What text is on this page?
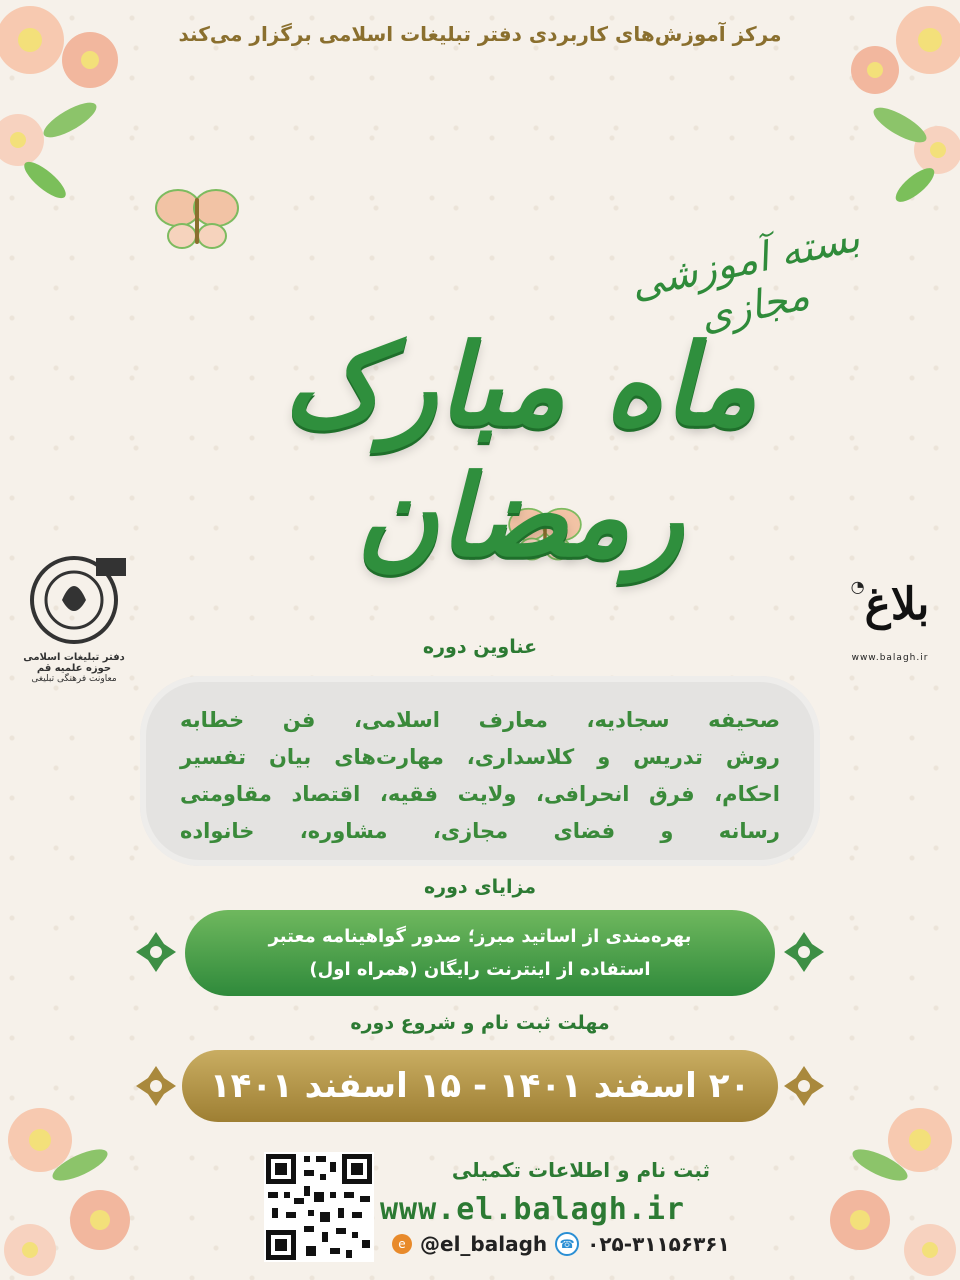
مرکز آموزش‌های کاربردی دفتر تبلیغات اسلامی برگزار می‌کند
بسته آموزشی مجازی
ماه مبارک رمضان
دفتر تبلیغات اسلامی حوزه علمیه قم
معاونت فرهنگی تبلیغی
◔ بلاغ
www.balagh.ir
عناوین دوره
صحیفه سجادیه، معارف اسلامی، فن خطابه
روش تدریس و کلاسداری، مهارت‌های بیان تفسیر
احکام، فرق انحرافی، ولایت فقیه، اقتصاد مقاومتی
رسانه و فضای مجازی، مشاوره، خانواده
مزایای دوره
بهره‌مندی از اساتید مبرز؛ صدور گواهینامه معتبر
استفاده از اینترنت رایگان (همراه اول)
مهلت ثبت نام و شروع دوره
۲۰ اسفند ۱۴۰۱ - ۱۵ اسفند ۱۴۰۱
ثبت نام و اطلاعات تکمیلی
www.el.balagh.ir
e @el_balagh	☎ ۰۲۵-۳۱۱۵۶۳۶۱
